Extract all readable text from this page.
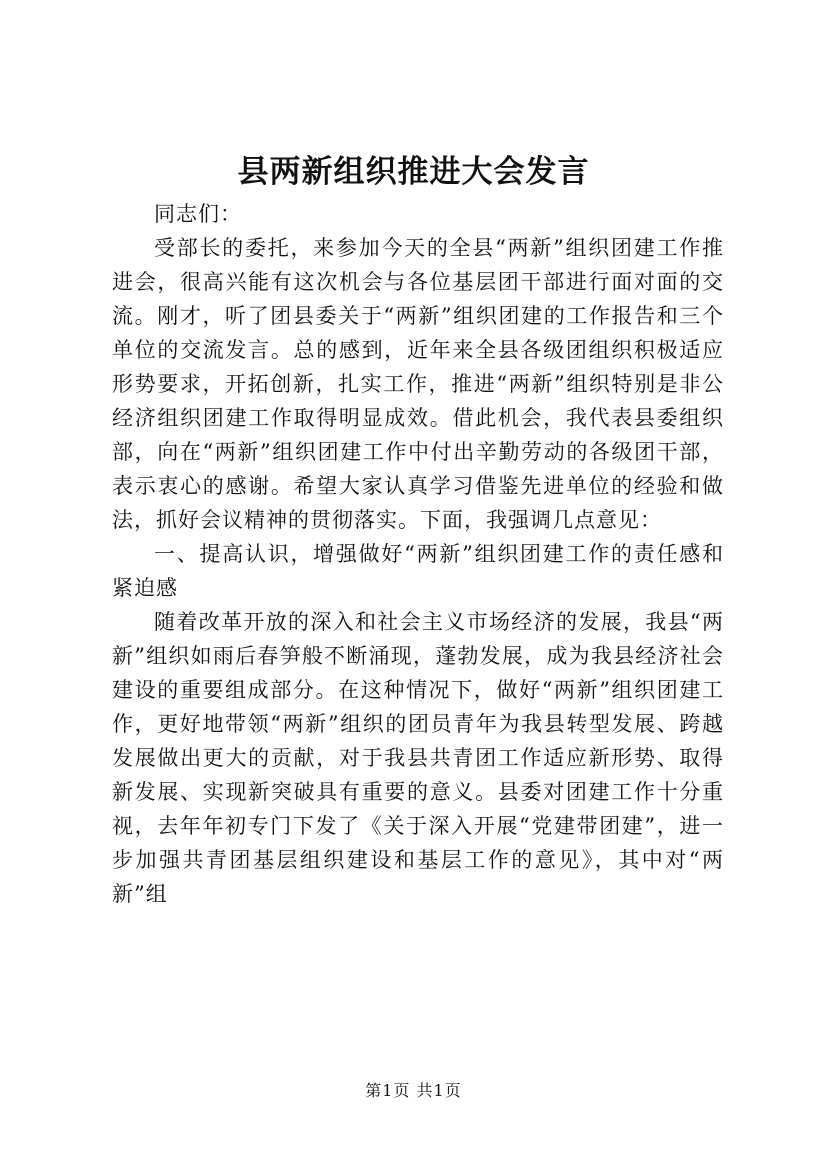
县两新组织推进大会发言

同志们：

受部长的委托，来参加今天的全县“两新”组织团建工作推进会，很高兴能有这次机会与各位基层团干部进行面对面的交流。刚才，听了团县委关于“两新”组织团建的工作报告和三个单位的交流发言。总的感到，近年来全县各级团组织积极适应形势要求，开拓创新，扎实工作，推进“两新”组织特别是非公经济组织团建工作取得明显成效。借此机会，我代表县委组织部，向在“两新”组织团建工作中付出辛勤劳动的各级团干部，表示衷心的感谢。希望大家认真学习借鉴先进单位的经验和做法，抓好会议精神的贯彻落实。下面，我强调几点意见：

一、提高认识，增强做好“两新”组织团建工作的责任感和紧迫感

随着改革开放的深入和社会主义市场经济的发展，我县“两新”组织如雨后春笋般不断涌现，蓬勃发展，成为我县经济社会建设的重要组成部分。在这种情况下，做好“两新”组织团建工作，更好地带领“两新”组织的团员青年为我县转型发展、跨越发展做出更大的贡献，对于我县共青团工作适应新形势、取得新发展、实现新突破具有重要的意义。县委对团建工作十分重视，去年年初专门下发了《关于深入开展“党建带团建”，进一步加强共青团基层组织建设和基层工作的意见》，其中对“两新”组

第1页 共1页
